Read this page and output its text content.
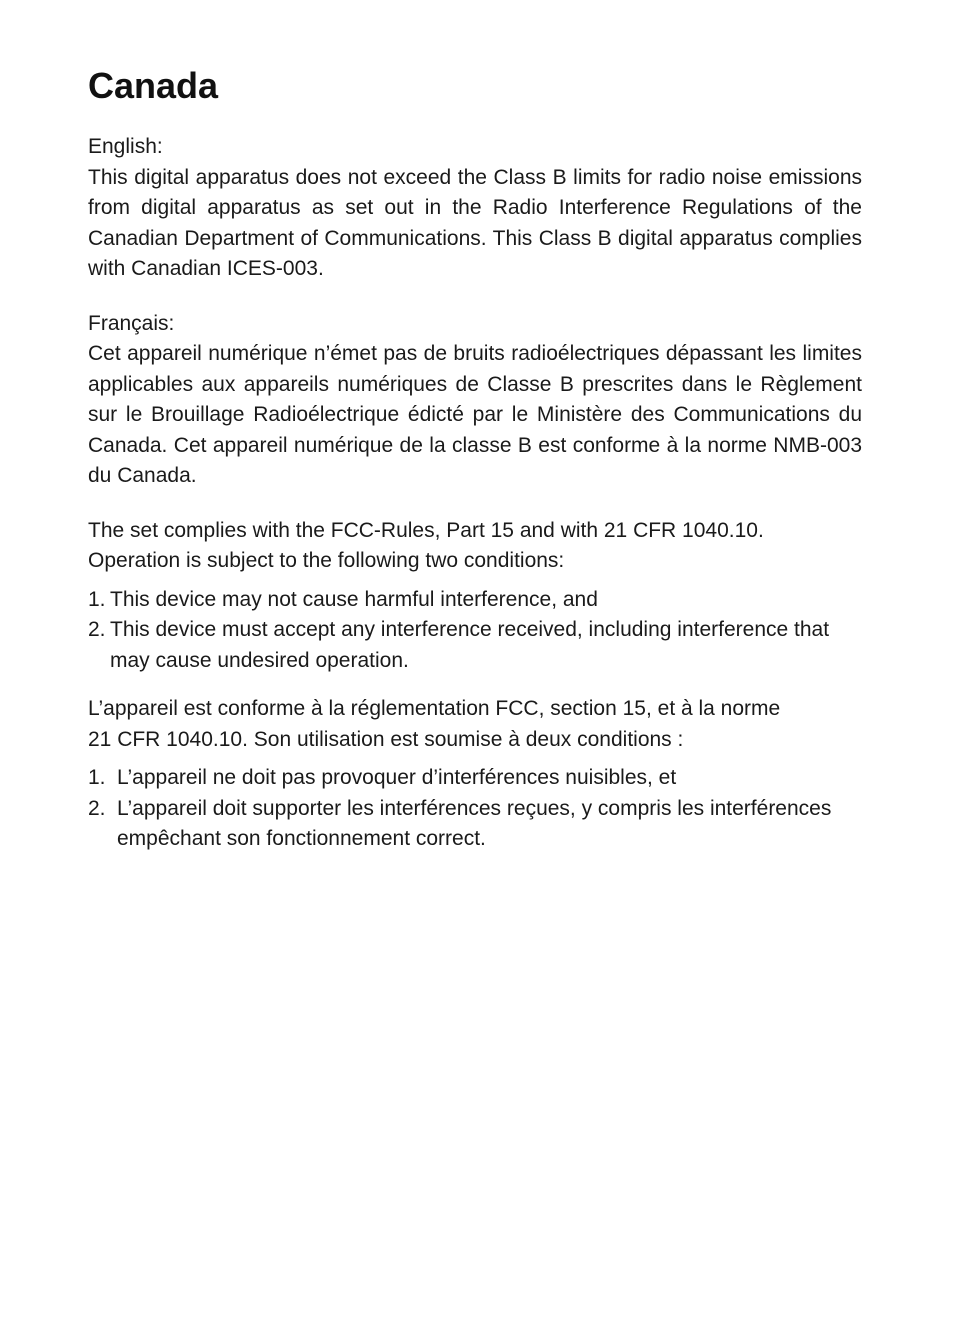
Canada

English:

This digital apparatus does not exceed the Class B limits for radio noise emissions from digital apparatus as set out in the Radio Interference Regulations of the Canadian Department of Communications. This Class B digital apparatus complies with Canadian ICES-003.

Français:

Cet appareil numérique n’émet pas de bruits radioélectriques dépassant les limites applicables aux appareils numériques de Classe B prescrites dans le Règlement sur le Brouillage Radioélectrique édicté par le Ministère des Communications du Canada. Cet appareil numérique de la classe B est conforme à la norme NMB-003 du Canada.

The set complies with the FCC-Rules, Part 15 and with 21 CFR 1040.10.
Operation is subject to the following two conditions:

1. This device may not cause harmful interference, and
2. This device must accept any interference received, including interference that may cause undesired operation.

L’appareil est conforme à la réglementation FCC, section 15, et à la norme
21 CFR 1040.10. Son utilisation est soumise à deux conditions :

1. L’appareil ne doit pas provoquer d’interférences nuisibles, et
2. L’appareil doit supporter les interférences reçues, y compris les interférences empêchant son fonctionnement correct.
